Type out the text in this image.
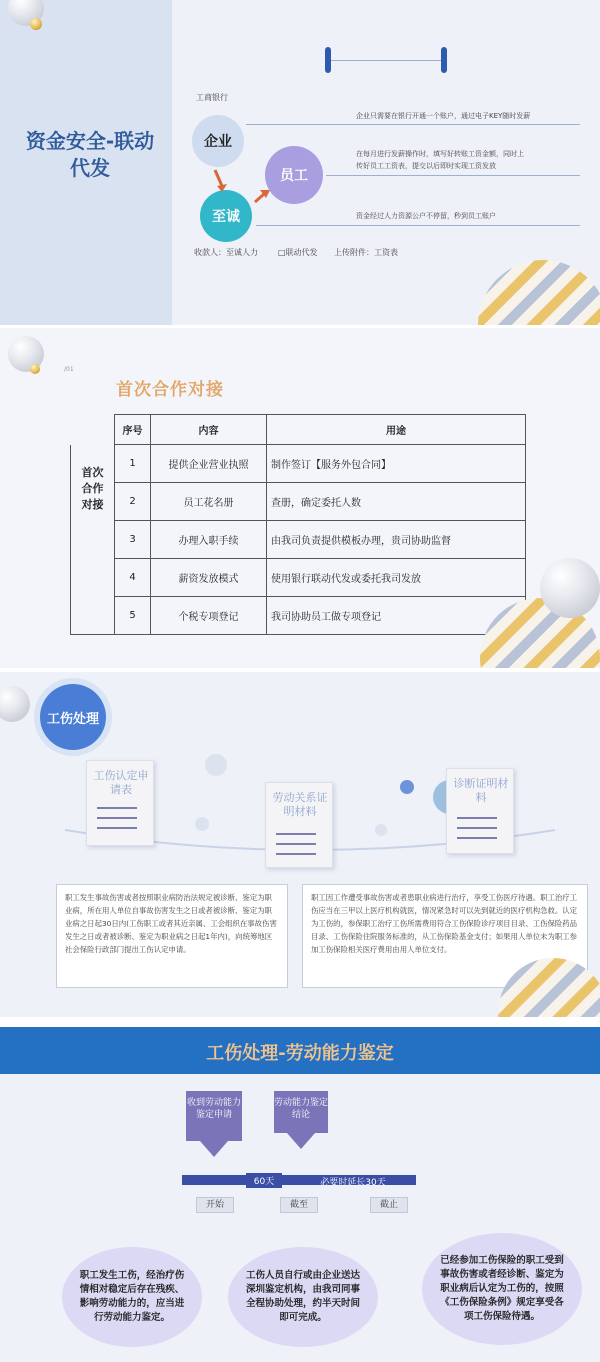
资金安全-联动代发
工商银行
企业
员工
至诚
企业只需要在银行开通一个账户，通过电子KEY随时发薪
在每月进行发薪操作时，填写好转账工资金额，同时上
传好员工工资表，提交以后即时实现工资发放
资金经过人力资源公户不停留，秒到员工账户
收款人：至诚人力	□联动代发 上传附件：工资表
/01
首次合作对接
	序号	内容	用途
首次
合作
对接	1	提供企业营业执照	制作签订【服务外包合同】
	2	员工花名册	查册，确定委托人数
	3	办理入职手续	由我司负责提供模板办理，贵司协助监督
	4	薪资发放模式	使用银行联动代发或委托我司发放
	5	个税专项登记	我司协助员工做专项登记
工伤处理
工伤认定申请表
劳动关系证明材料
诊断证明材料
职工发生事故伤害或者按照职业病防治法规定被诊断、鉴定为职业病，所在用人单位自事故伤害发生之日或者被诊断、鉴定为职业病之日起30日内(工伤职工或者其近亲属、工会组织在事故伤害发生之日或者被诊断、鉴定为职业病之日起1年内)，向统筹地区社会保险行政部门提出工伤认定申请。
职工因工作遭受事故伤害或者患职业病进行治疗，享受工伤医疗待遇。职工治疗工伤应当在三甲以上医疗机构就医，情况紧急时可以先到就近的医疗机构急救。认定为工伤的，参保职工治疗工伤所需费用符合工伤保险诊疗项目目录、工伤保险药品目录、工伤保险住院服务标准的，从工伤保险基金支付；如果用人单位未为职工参加工伤保险相关医疗费用由用人单位支付。
工伤处理-劳动能力鉴定
收到劳动能力鉴定申请
劳动能力鉴定结论
60天	必要时延长30天
开始	截至	截止
职工发生工伤，经治疗伤情相对稳定后存在残疾、影响劳动能力的，应当进行劳动能力鉴定。
工伤人员自行或由企业送达深圳鉴定机构，由我司同事全程协助处理，约半天时间即可完成。
已经参加工伤保险的职工受到事故伤害或者经诊断、鉴定为职业病后认定为工伤的，按照《工伤保险条例》规定享受各项工伤保险待遇。
